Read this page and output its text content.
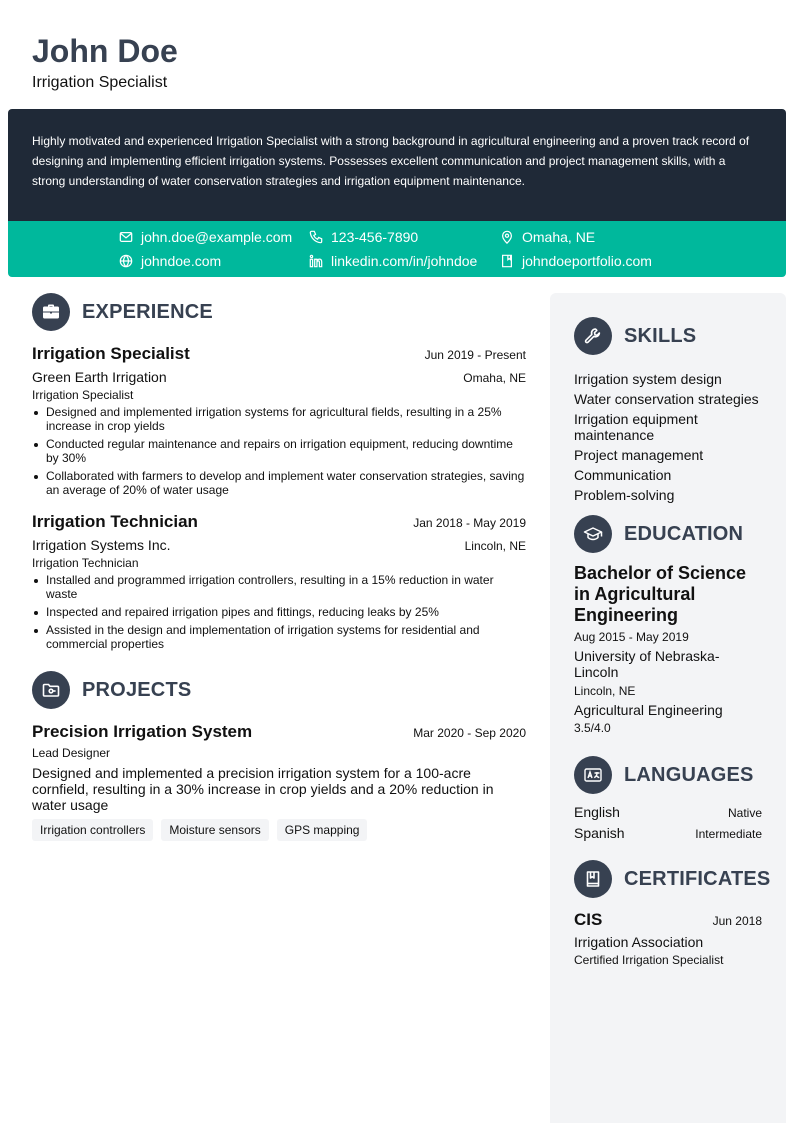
John Doe
Irrigation Specialist

Highly motivated and experienced Irrigation Specialist with a strong background in agricultural engineering and a proven track record of designing and implementing efficient irrigation systems. Possesses excellent communication and project management skills, with a strong understanding of water conservation strategies and irrigation equipment maintenance.

john.doe@example.com	123-456-7890	Omaha, NE
johndoe.com	linkedin.com/in/johndoe	johndoeportfolio.com
EXPERIENCE
Irrigation Specialist	Jun 2019 - Present
Green Earth Irrigation	Omaha, NE
Irrigation Specialist
Designed and implemented irrigation systems for agricultural fields, resulting in a 25% increase in crop yields
Conducted regular maintenance and repairs on irrigation equipment, reducing downtime by 30%
Collaborated with farmers to develop and implement water conservation strategies, saving an average of 20% of water usage
Irrigation Technician	Jan 2018 - May 2019
Irrigation Systems Inc.	Lincoln, NE
Irrigation Technician
Installed and programmed irrigation controllers, resulting in a 15% reduction in water waste
Inspected and repaired irrigation pipes and fittings, reducing leaks by 25%
Assisted in the design and implementation of irrigation systems for residential and commercial properties
PROJECTS
Precision Irrigation System	Mar 2020 - Sep 2020
Lead Designer
Designed and implemented a precision irrigation system for a 100-acre cornfield, resulting in a 30% increase in crop yields and a 20% reduction in water usage
Irrigation controllers	Moisture sensors	GPS mapping
SKILLS
Irrigation system design
Water conservation strategies
Irrigation equipment maintenance
Project management
Communication
Problem-solving
EDUCATION
Bachelor of Science in Agricultural Engineering
Aug 2015 - May 2019
University of Nebraska-Lincoln
Lincoln, NE
Agricultural Engineering
3.5/4.0
LANGUAGES
English	Native
Spanish	Intermediate
CERTIFICATES
CIS	Jun 2018
Irrigation Association
Certified Irrigation Specialist
